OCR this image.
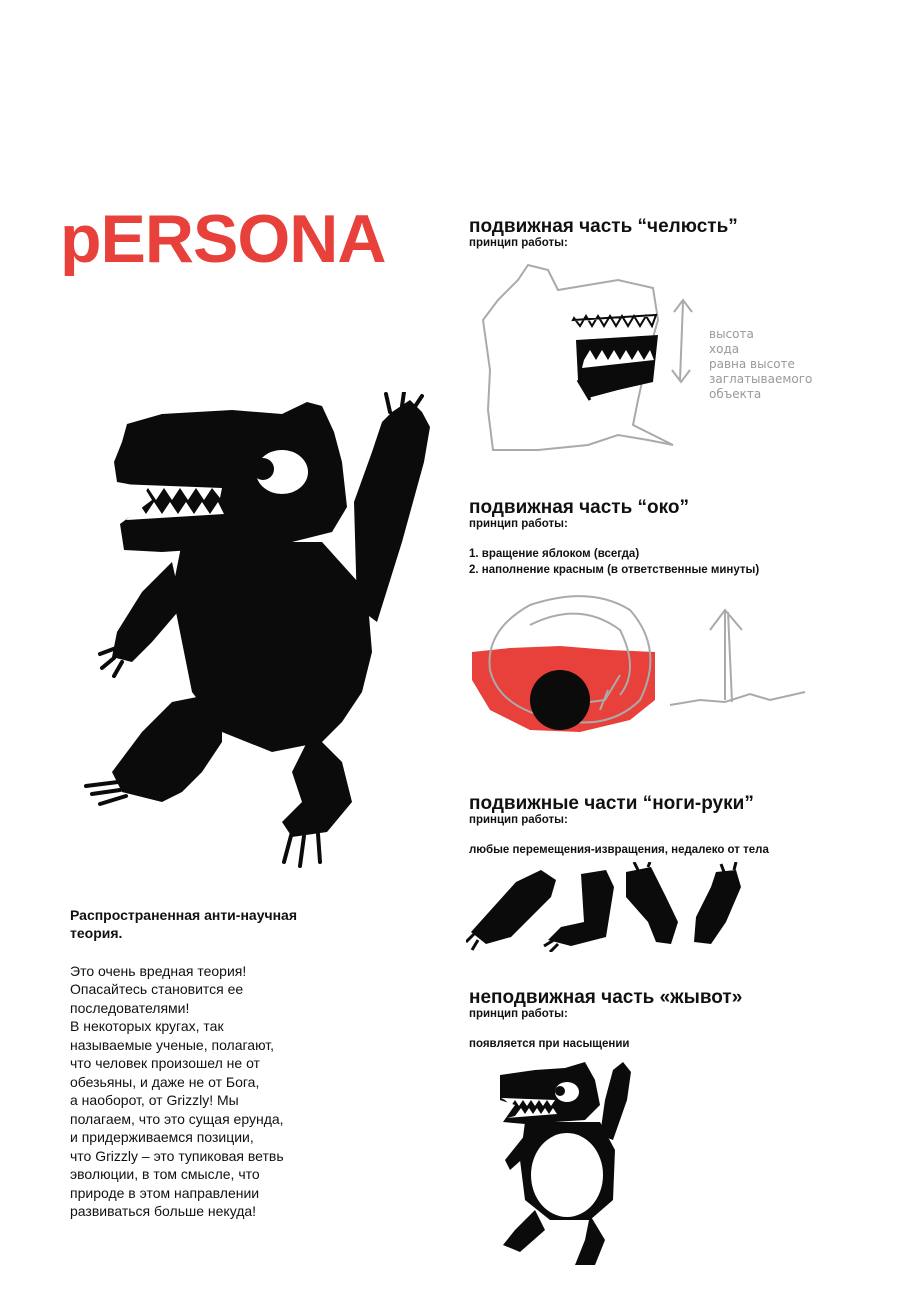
pERSONA	подвижная часть “челюсть”
принцип работы:
высота
хода
равна высоте
заглатываемого
объекта
подвижная часть “око”
принцип работы:
1. вращение яблоком (всегда)
2. наполнение красным (в ответственные минуты)
подвижные части “ноги-руки”
принцип работы:
любые перемещения-извращения, недалеко от тела
неподвижная часть «жывот»
принцип работы:
появляется при насыщении
Распространенная анти-научная теория.

Это очень вредная теория!

Опасайтесь становится ее

последователями!

В некоторых кругах, так

называемые ученые, полагают,

что человек произошел не от

обезьяны, и даже не от Бога,

а наоборот, от Grizzly! Мы

полагаем, что это сущая ерунда,

и придерживаемся позиции,

что Grizzly – это тупиковая ветвь

эволюции, в том смысле, что

природе в этом направлении

развиваться больше некуда!
